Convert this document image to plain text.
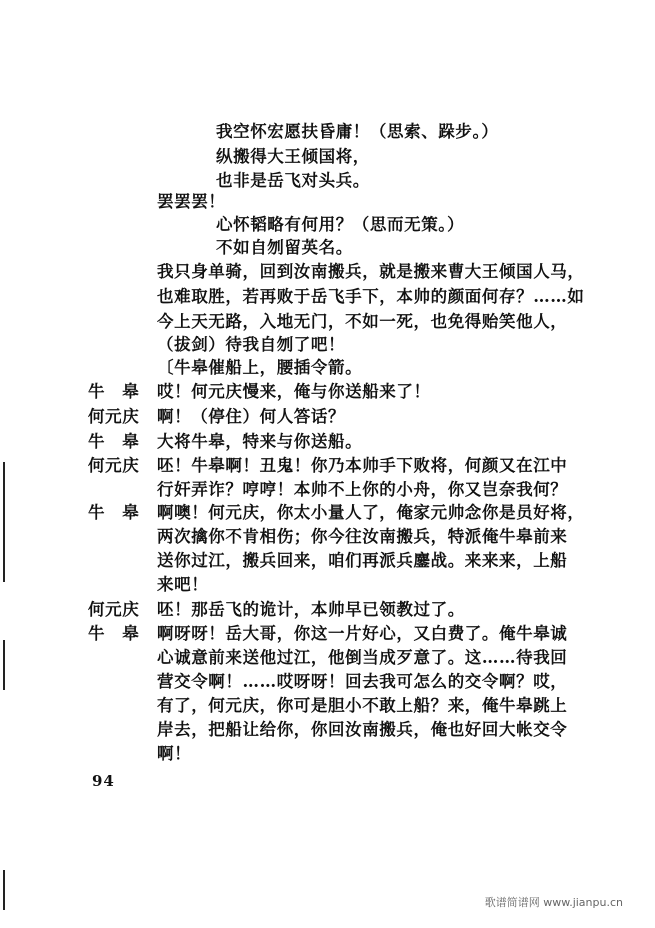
我空怀宏愿扶昏庸！（思索、跺步。）
纵搬得大王倾国将，
也非是岳飞对头兵。
罢罢罢！
心怀韬略有何用？（思而无策。）
不如自刎留英名。
我只身单骑，回到汝南搬兵，就是搬来曹大王倾国人马，
也难取胜，若再败于岳飞手下，本帅的颜面何存？……如
今上天无路，入地无门，不如一死，也免得贻笑他人，
（拔剑）待我自刎了吧！
〔牛皋催船上，腰插令箭。
牛　皋	哎！何元庆慢来，俺与你送船来了！
何元庆	啊！（停住）何人答话？
牛　皋	大将牛皋，特来与你送船。
何元庆	呸！牛皋啊！丑鬼！你乃本帅手下败将，何颜又在江中
行奸弄诈？哼哼！本帅不上你的小舟，你又岂奈我何？
牛　皋	啊噢！何元庆，你太小量人了，俺家元帅念你是员好将，
两次擒你不肯相伤；你今往汝南搬兵，特派俺牛皋前来
送你过江，搬兵回来，咱们再派兵鏖战。来来来，上船
来吧！
何元庆	呸！那岳飞的诡计，本帅早已领教过了。
牛　皋	啊呀呀！岳大哥，你这一片好心，又白费了。俺牛皋诚
心诚意前来送他过江，他倒当成歹意了。这……待我回
营交令啊！……哎呀呀！回去我可怎么的交令啊？哎，
有了，何元庆，你可是胆小不敢上船？来，俺牛皋跳上
岸去，把船让给你，你回汝南搬兵，俺也好回大帐交令
啊！
94
歌谱简谱网 www.jianpu.cn
